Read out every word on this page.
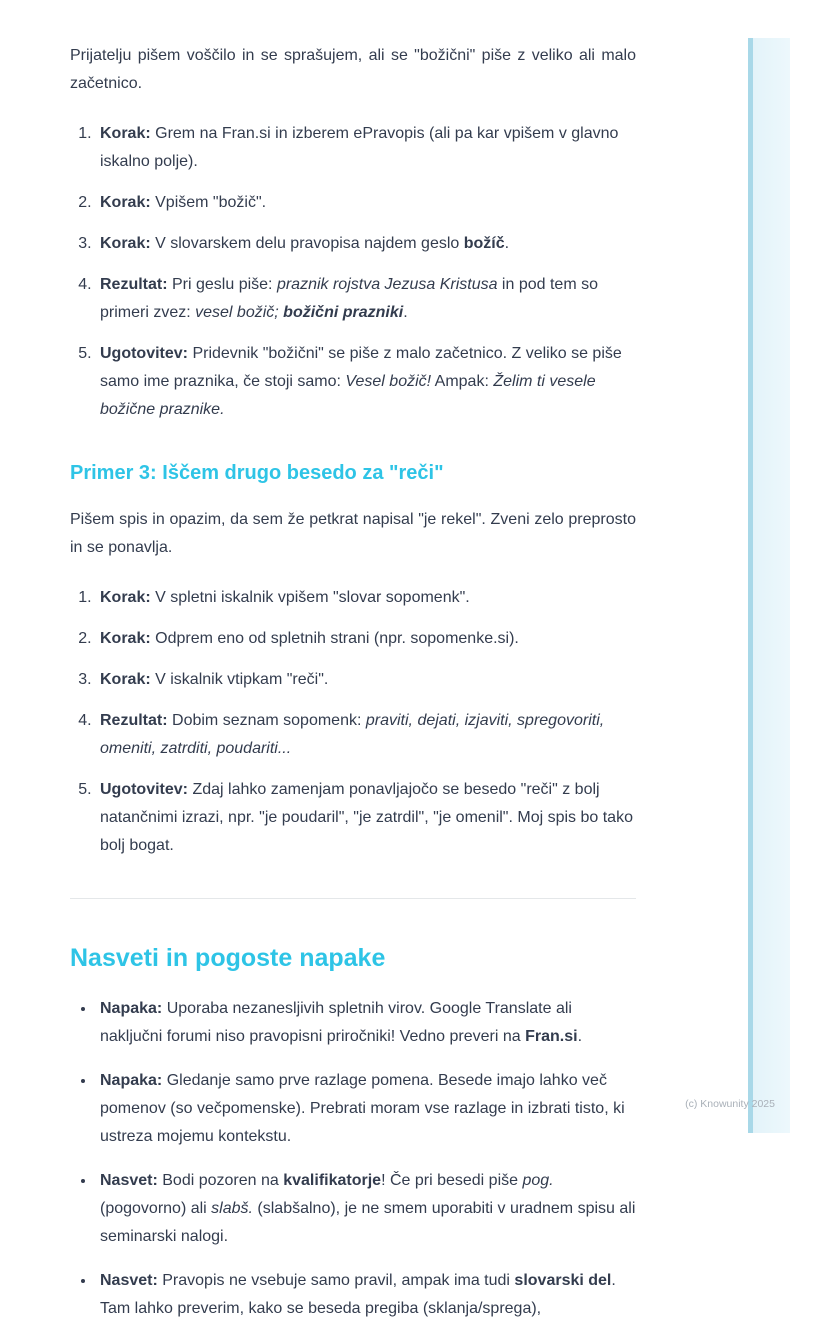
Prijatelju pišem voščilo in se sprašujem, ali se "božični" piše z veliko ali malo začetnico.

1. Korak: Grem na Fran.si in izberem ePravopis (ali pa kar vpišem v glavno iskalno polje).
2. Korak: Vpišem "božič".
3. Korak: V slovarskem delu pravopisa najdem geslo božíč.
4. Rezultat: Pri geslu piše: praznik rojstva Jezusa Kristusa in pod tem so primeri zvez: vesel božič; božični prazniki.
5. Ugotovitev: Pridevnik "božični" se piše z malo začetnico. Z veliko se piše samo ime praznika, če stoji samo: Vesel božič! Ampak: Želim ti vesele božične praznike.
Primer 3: Iščem drugo besedo za "reči"

Pišem spis in opazim, da sem že petkrat napisal "je rekel". Zveni zelo preprosto in se ponavlja.

1. Korak: V spletni iskalnik vpišem "slovar sopomenk".
2. Korak: Odprem eno od spletnih strani (npr. sopomenke.si).
3. Korak: V iskalnik vtipkam "reči".
4. Rezultat: Dobim seznam sopomenk: praviti, dejati, izjaviti, spregovoriti, omeniti, zatrditi, poudariti...
5. Ugotovitev: Zdaj lahko zamenjam ponavljajočo se besedo "reči" z bolj natančnimi izrazi, npr. "je poudaril", "je zatrdil", "je omenil". Moj spis bo tako bolj bogat.
Nasveti in pogoste napake
• Napaka: Uporaba nezanesljivih spletnih virov. Google Translate ali naključni forumi niso pravopisni priročniki! Vedno preveri na Fran.si.
• Napaka: Gledanje samo prve razlage pomena. Besede imajo lahko več pomenov (so večpomenske). Prebrati moram vse razlage in izbrati tisto, ki ustreza mojemu kontekstu.
• Nasvet: Bodi pozoren na kvalifikatorje! Če pri besedi piše pog. (pogovorno) ali slabš. (slabšalno), je ne smem uporabiti v uradnem spisu ali seminarski nalogi.
• Nasvet: Pravopis ne vsebuje samo pravil, ampak ima tudi slovarski del. Tam lahko preverim, kako se beseda pregiba (sklanja/sprega),
(c) Knowunity 2025
